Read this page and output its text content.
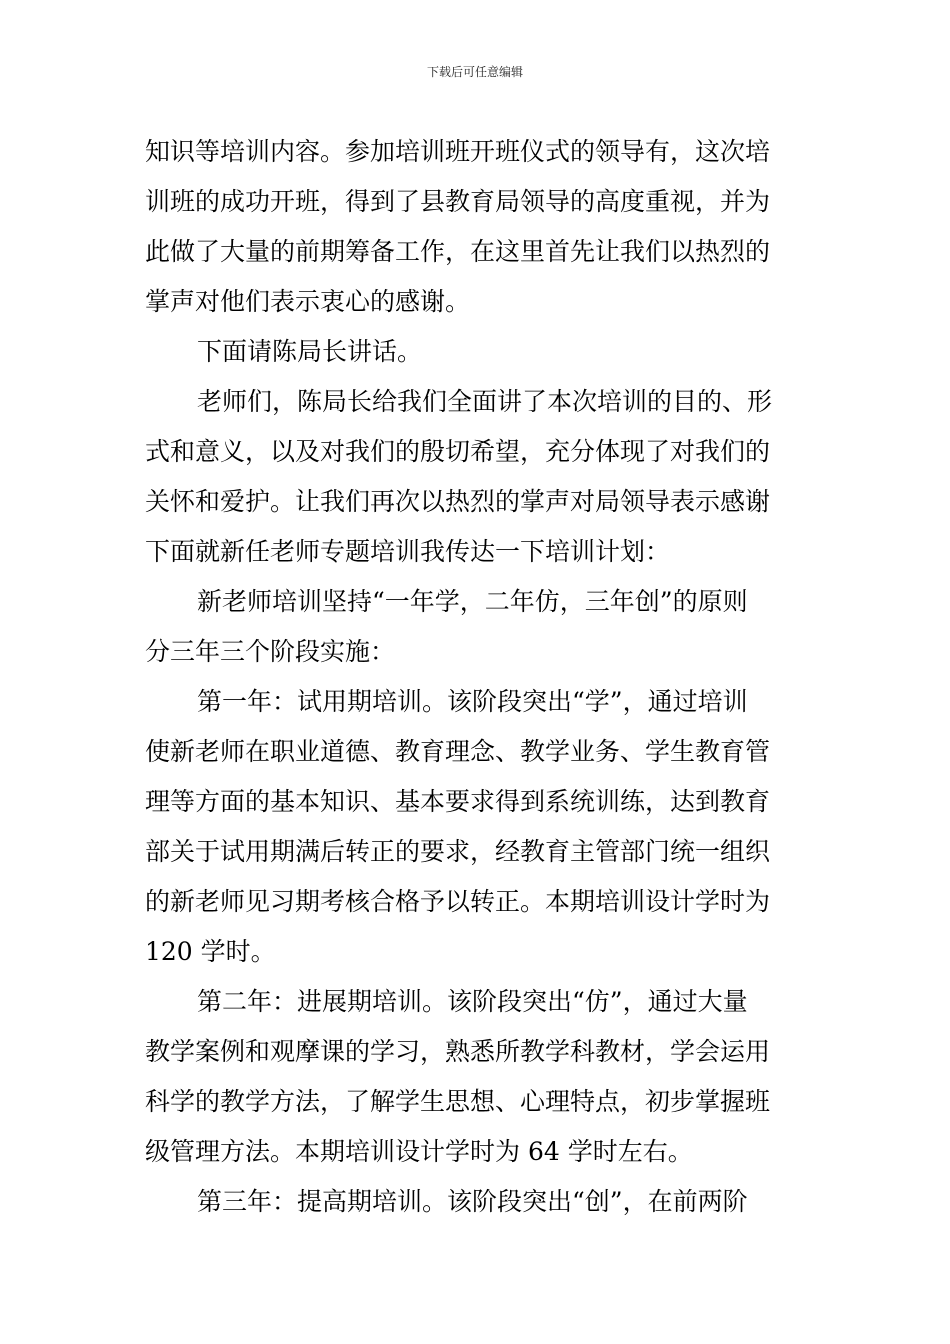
下载后可任意编辑
知识等培训内容。参加培训班开班仪式的领导有，这次培
训班的成功开班，得到了县教育局领导的高度重视，并为
此做了大量的前期筹备工作，在这里首先让我们以热烈的
掌声对他们表示衷心的感谢。
下面请陈局长讲话。
老师们，陈局长给我们全面讲了本次培训的目的、形
式和意义，以及对我们的殷切希望，充分体现了对我们的
关怀和爱护。让我们再次以热烈的掌声对局领导表示感谢
下面就新任老师专题培训我传达一下培训计划：
新老师培训坚持“一年学，二年仿，三年创”的原则
分三年三个阶段实施：
第一年：试用期培训。该阶段突出“学”，通过培训
使新老师在职业道德、教育理念、教学业务、学生教育管
理等方面的基本知识、基本要求得到系统训练，达到教育
部关于试用期满后转正的要求，经教育主管部门统一组织
的新老师见习期考核合格予以转正。本期培训设计学时为
120 学时。
第二年：进展期培训。该阶段突出“仿”，通过大量
教学案例和观摩课的学习，熟悉所教学科教材，学会运用
科学的教学方法，了解学生思想、心理特点，初步掌握班
级管理方法。本期培训设计学时为 64 学时左右。
第三年：提高期培训。该阶段突出“创”，在前两阶
